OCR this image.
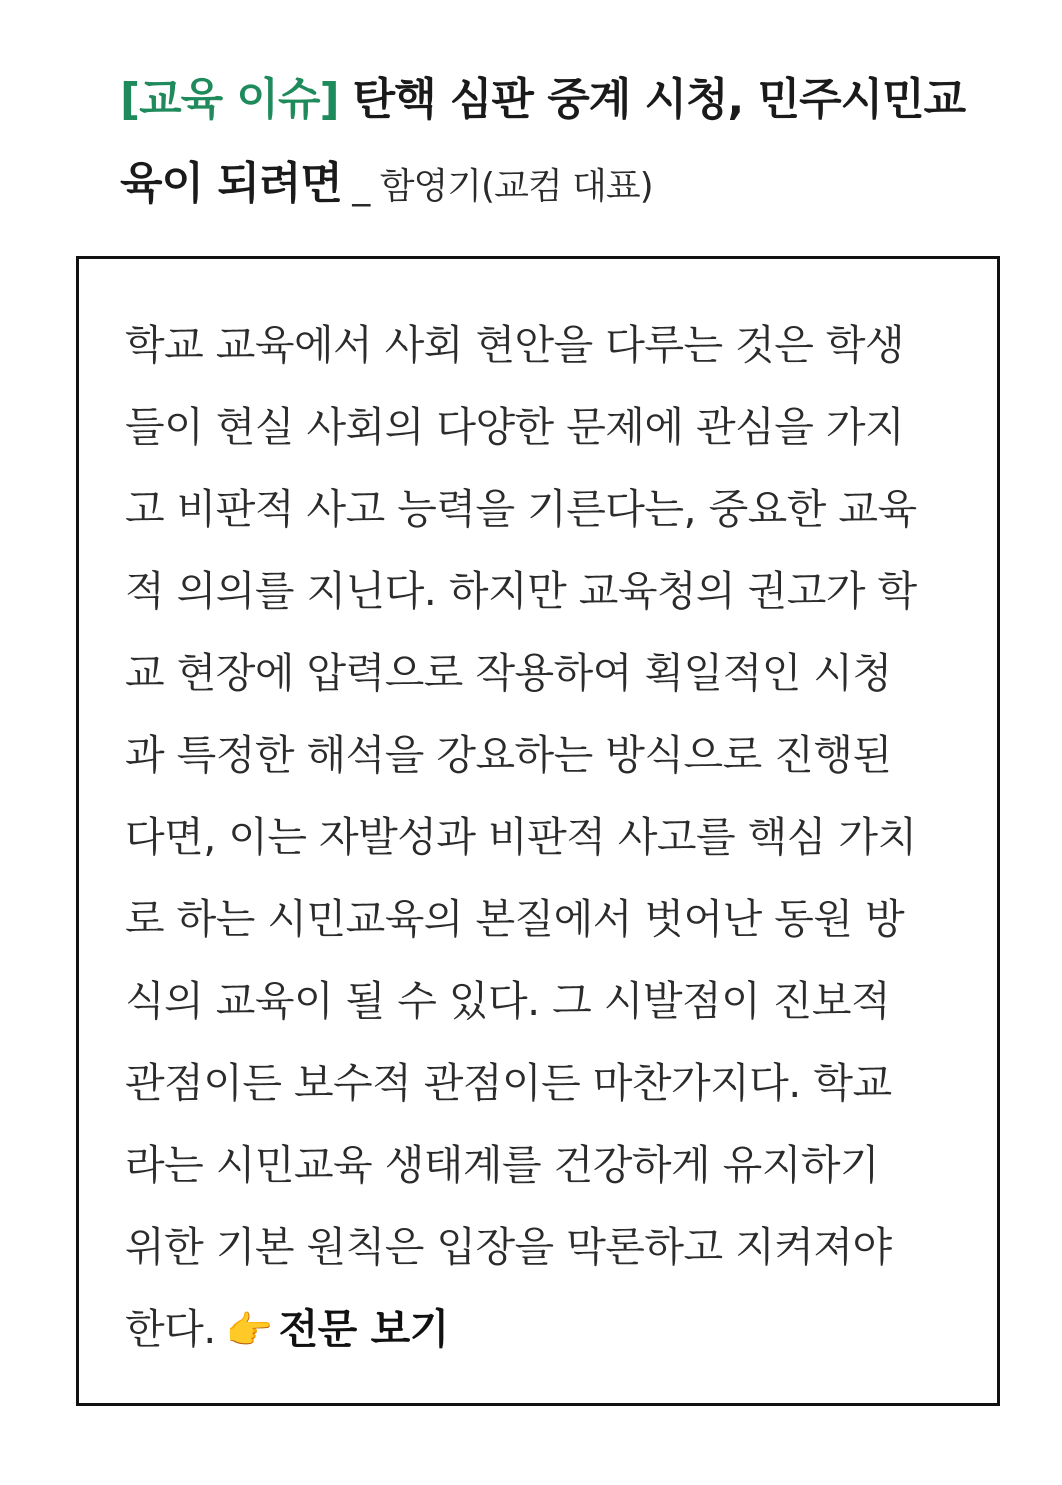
[교육 이슈] 탄핵 심판 중계 시청, 민주시민교
육이 되려면 _ 함영기(교컴 대표)
학교 교육에서 사회 현안을 다루는 것은 학생
들이 현실 사회의 다양한 문제에 관심을 가지
고 비판적 사고 능력을 기른다는, 중요한 교육
적 의의를 지닌다. 하지만 교육청의 권고가 학
교 현장에 압력으로 작용하여 획일적인 시청
과 특정한 해석을 강요하는 방식으로 진행된
다면, 이는 자발성과 비판적 사고를 핵심 가치
로 하는 시민교육의 본질에서 벗어난 동원 방
식의 교육이 될 수 있다. 그 시발점이 진보적
관점이든 보수적 관점이든 마찬가지다. 학교
라는 시민교육 생태계를 건강하게 유지하기
위한 기본 원칙은 입장을 막론하고 지켜져야
한다. 👉 전문 보기
